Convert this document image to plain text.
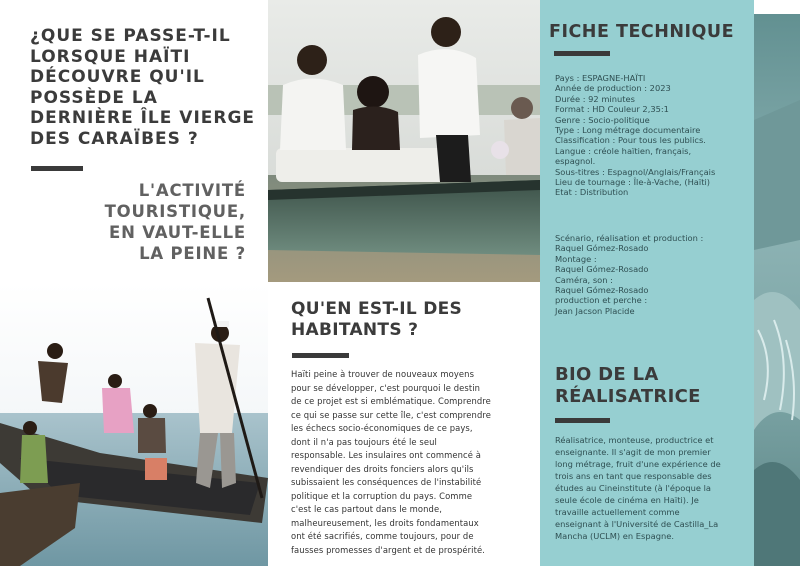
¿QUE SE PASSE-T-IL
LORSQUE HAÏTI
DÉCOUVRE QU'IL
POSSÈDE LA
DERNIÈRE ÎLE VIERGE
DES CARAÏBES ?
L'ACTIVITÉ
TOURISTIQUE,
EN VAUT-ELLE
LA PEINE ?
QU'EN EST-IL DES
HABITANTS ?
Haïti peine à trouver de nouveaux moyens
pour se développer, c'est pourquoi le destin
de ce projet est si emblématique. Comprendre
ce qui se passe sur cette île, c'est comprendre
les échecs socio-économiques de ce pays,
dont il n'a pas toujours été le seul
responsable. Les insulaires ont commencé à
revendiquer des droits fonciers alors qu'ils
subissaient les conséquences de l'instabilité
politique et la corruption du pays. Comme
c'est le cas partout dans le monde,
malheureusement, les droits fondamentaux
ont été sacrifiés, comme toujours, pour de
fausses promesses d'argent et de prospérité.
FICHE TECHNIQUE
Pays : ESPAGNE-HAÏTI
Année de production : 2023
Durée : 92 minutes
Format : HD Couleur 2,35:1
Genre : Socio-politique
Type : Long métrage documentaire
Classification : Pour tous les publics.
Langue : créole haïtien, français,
espagnol.
Sous-titres : Espagnol/Anglais/Français
Lieu de tournage : Île-à-Vache, (Haïti)
Etat : Distribution
Scénario, réalisation et production :
Raquel Gómez-Rosado
Montage :
Raquel Gómez-Rosado
Caméra, son :
Raquel Gómez-Rosado
production et perche :
Jean Jacson Placide
BIO DE LA
RÉALISATRICE
Réalisatrice, monteuse, productrice et
enseignante. Il s'agit de mon premier
long métrage, fruit d'une expérience de
trois ans en tant que responsable des
études au Cineinstitute (à l'époque la
seule école de cinéma en Haïti). Je
travaille actuellement comme
enseignant à l'Université de Castilla_La
Mancha (UCLM) en Espagne.
